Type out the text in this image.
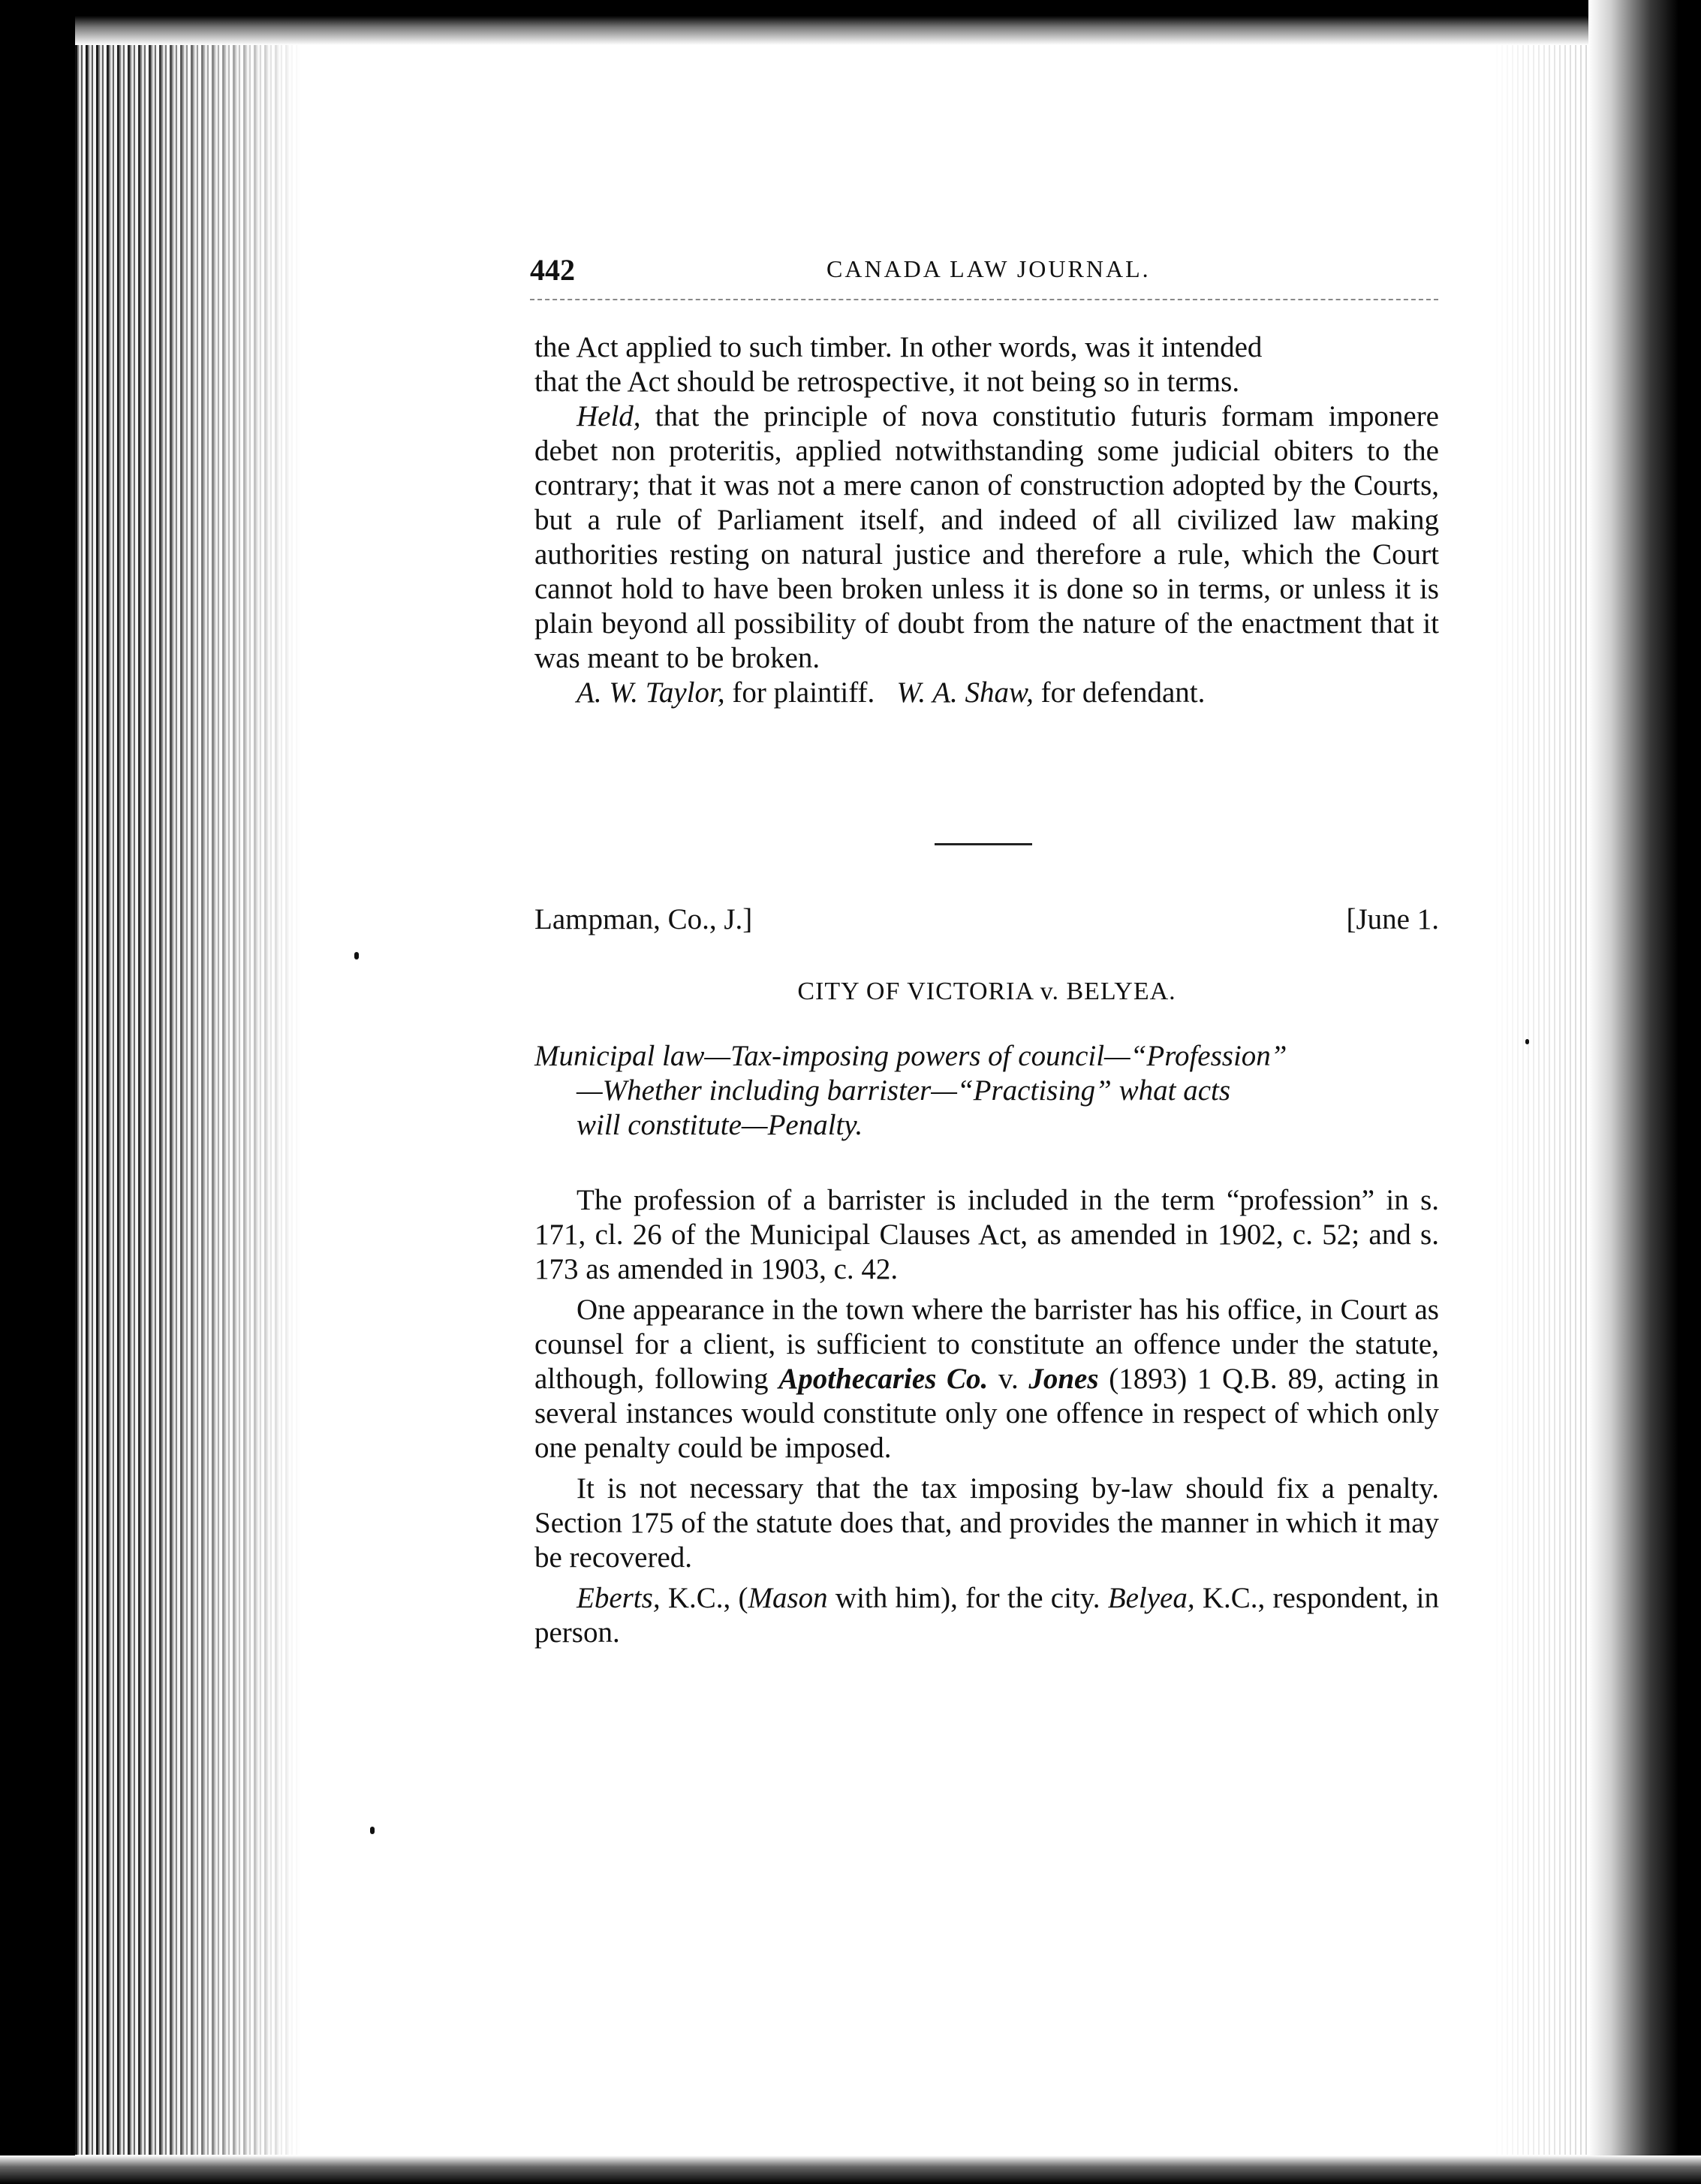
442	CANADA LAW JOURNAL.

the Act applied to such timber. In other words, was it intended

that the Act should be retrospective, it not being so in terms.

Held, that the principle of nova constitutio futuris formam imponere debet non proteritis, applied notwithstanding some judicial obiters to the contrary; that it was not a mere canon of construction adopted by the Courts, but a rule of Parliament itself, and indeed of all civilized law making authorities resting on natural justice and therefore a rule, which the Court cannot hold to have been broken unless it is done so in terms, or unless it is plain beyond all possibility of doubt from the nature of the enactment that it was meant to be broken.

A. W. Taylor, for plaintiff. W. A. Shaw, for defendant.

Lampman, Co., J.]	[June 1.
CITY OF VICTORIA v. BELYEA.

Municipal law—Tax-imposing powers of council—“Profession”

—Whether including barrister—“Practising” what acts

will constitute—Penalty.

The profession of a barrister is included in the term “profession” in s. 171, cl. 26 of the Municipal Clauses Act, as amended in 1902, c. 52; and s. 173 as amended in 1903, c. 42.

One appearance in the town where the barrister has his office, in Court as counsel for a client, is sufficient to constitute an offence under the statute, although, following Apothecaries Co. v. Jones (1893) 1 Q.B. 89, acting in several instances would constitute only one offence in respect of which only one penalty could be imposed.

It is not necessary that the tax imposing by-law should fix a penalty. Section 175 of the statute does that, and provides the manner in which it may be recovered.

Eberts, K.C., (Mason with him), for the city. Belyea, K.C., respondent, in person.
